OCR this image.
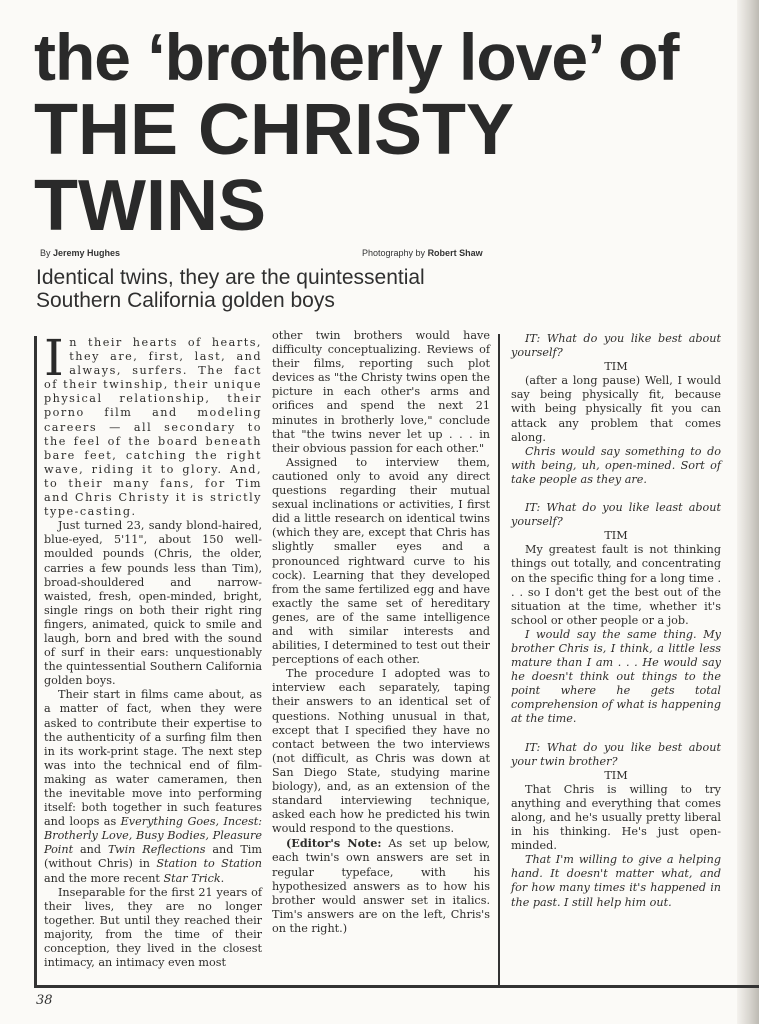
the ‘brotherly love’ of
THE CHRISTY TWINS
By Jeremy Hughes	Photography by Robert Shaw
Identical twins, they are the quintessential Southern California golden boys

In their hearts of hearts, they are, first, last, and always, surfers. The fact of their twinship, their unique physical relationship, their porno film and modeling careers — all secondary to the feel of the board beneath bare feet, catching the right wave, riding it to glory. And, to their many fans, for Tim and Chris Christy it is strictly type-casting.

Just turned 23, sandy blond-haired, blue-eyed, 5'11", about 150 well-moulded pounds (Chris, the older, carries a few pounds less than Tim), broad-shouldered and narrow-waisted, fresh, open-minded, bright, single rings on both their right ring fingers, animated, quick to smile and laugh, born and bred with the sound of surf in their ears: unquestionably the quintessential Southern California golden boys.

Their start in films came about, as a matter of fact, when they were asked to contribute their expertise to the authenticity of a surfing film then in its work-print stage. The next step was into the technical end of film-making as water cameramen, then the inevitable move into performing itself: both together in such features and loops as Everything Goes, Incest: Brotherly Love, Busy Bodies, Pleasure Point and Twin Reflections and Tim (without Chris) in Station to Station and the more recent Star Trick.

Inseparable for the first 21 years of their lives, they are no longer together. But until they reached their majority, from the time of their conception, they lived in the closest intimacy, an intimacy even most

other twin brothers would have difficulty conceptualizing. Reviews of their films, reporting such plot devices as "the Christy twins open the picture in each other's arms and orifices and spend the next 21 minutes in brotherly love," conclude that "the twins never let up . . . in their obvious passion for each other."

Assigned to interview them, cautioned only to avoid any direct questions regarding their mutual sexual inclinations or activities, I first did a little research on identical twins (which they are, except that Chris has slightly smaller eyes and a pronounced rightward curve to his cock). Learning that they developed from the same fertilized egg and have exactly the same set of hereditary genes, are of the same intelligence and with similar interests and abilities, I determined to test out their perceptions of each other.

The procedure I adopted was to interview each separately, taping their answers to an identical set of questions. Nothing unusual in that, except that I specified they have no contact between the two interviews (not difficult, as Chris was down at San Diego State, studying marine biology), and, as an extension of the standard interviewing technique, asked each how he predicted his twin would respond to the questions.

(Editor's Note: As set up below, each twin's own answers are set in regular typeface, with his hypothesized answers as to how his brother would answer set in italics. Tim's answers are on the left, Chris's on the right.)

IT: What do you like best about yourself?

TIM

(after a long pause) Well, I would say being physically fit, because with being physically fit you can attack any problem that comes along.

Chris would say something to do with being, uh, open-mined. Sort of take people as they are.

IT: What do you like least about yourself?

TIM

My greatest fault is not thinking things out totally, and concentrating on the specific thing for a long time . . . so I don't get the best out of the situation at the time, whether it's school or other people or a job.

I would say the same thing. My brother Chris is, I think, a little less mature than I am . . . He would say he doesn't think out things to the point where he gets total comprehension of what is happening at the time.

IT: What do you like best about your twin brother?

TIM

That Chris is willing to try anything and everything that comes along, and he's usually pretty liberal in his thinking. He's just open-minded.

That I'm willing to give a helping hand. It doesn't matter what, and for how many times it's happened in the past. I still help him out.

38
